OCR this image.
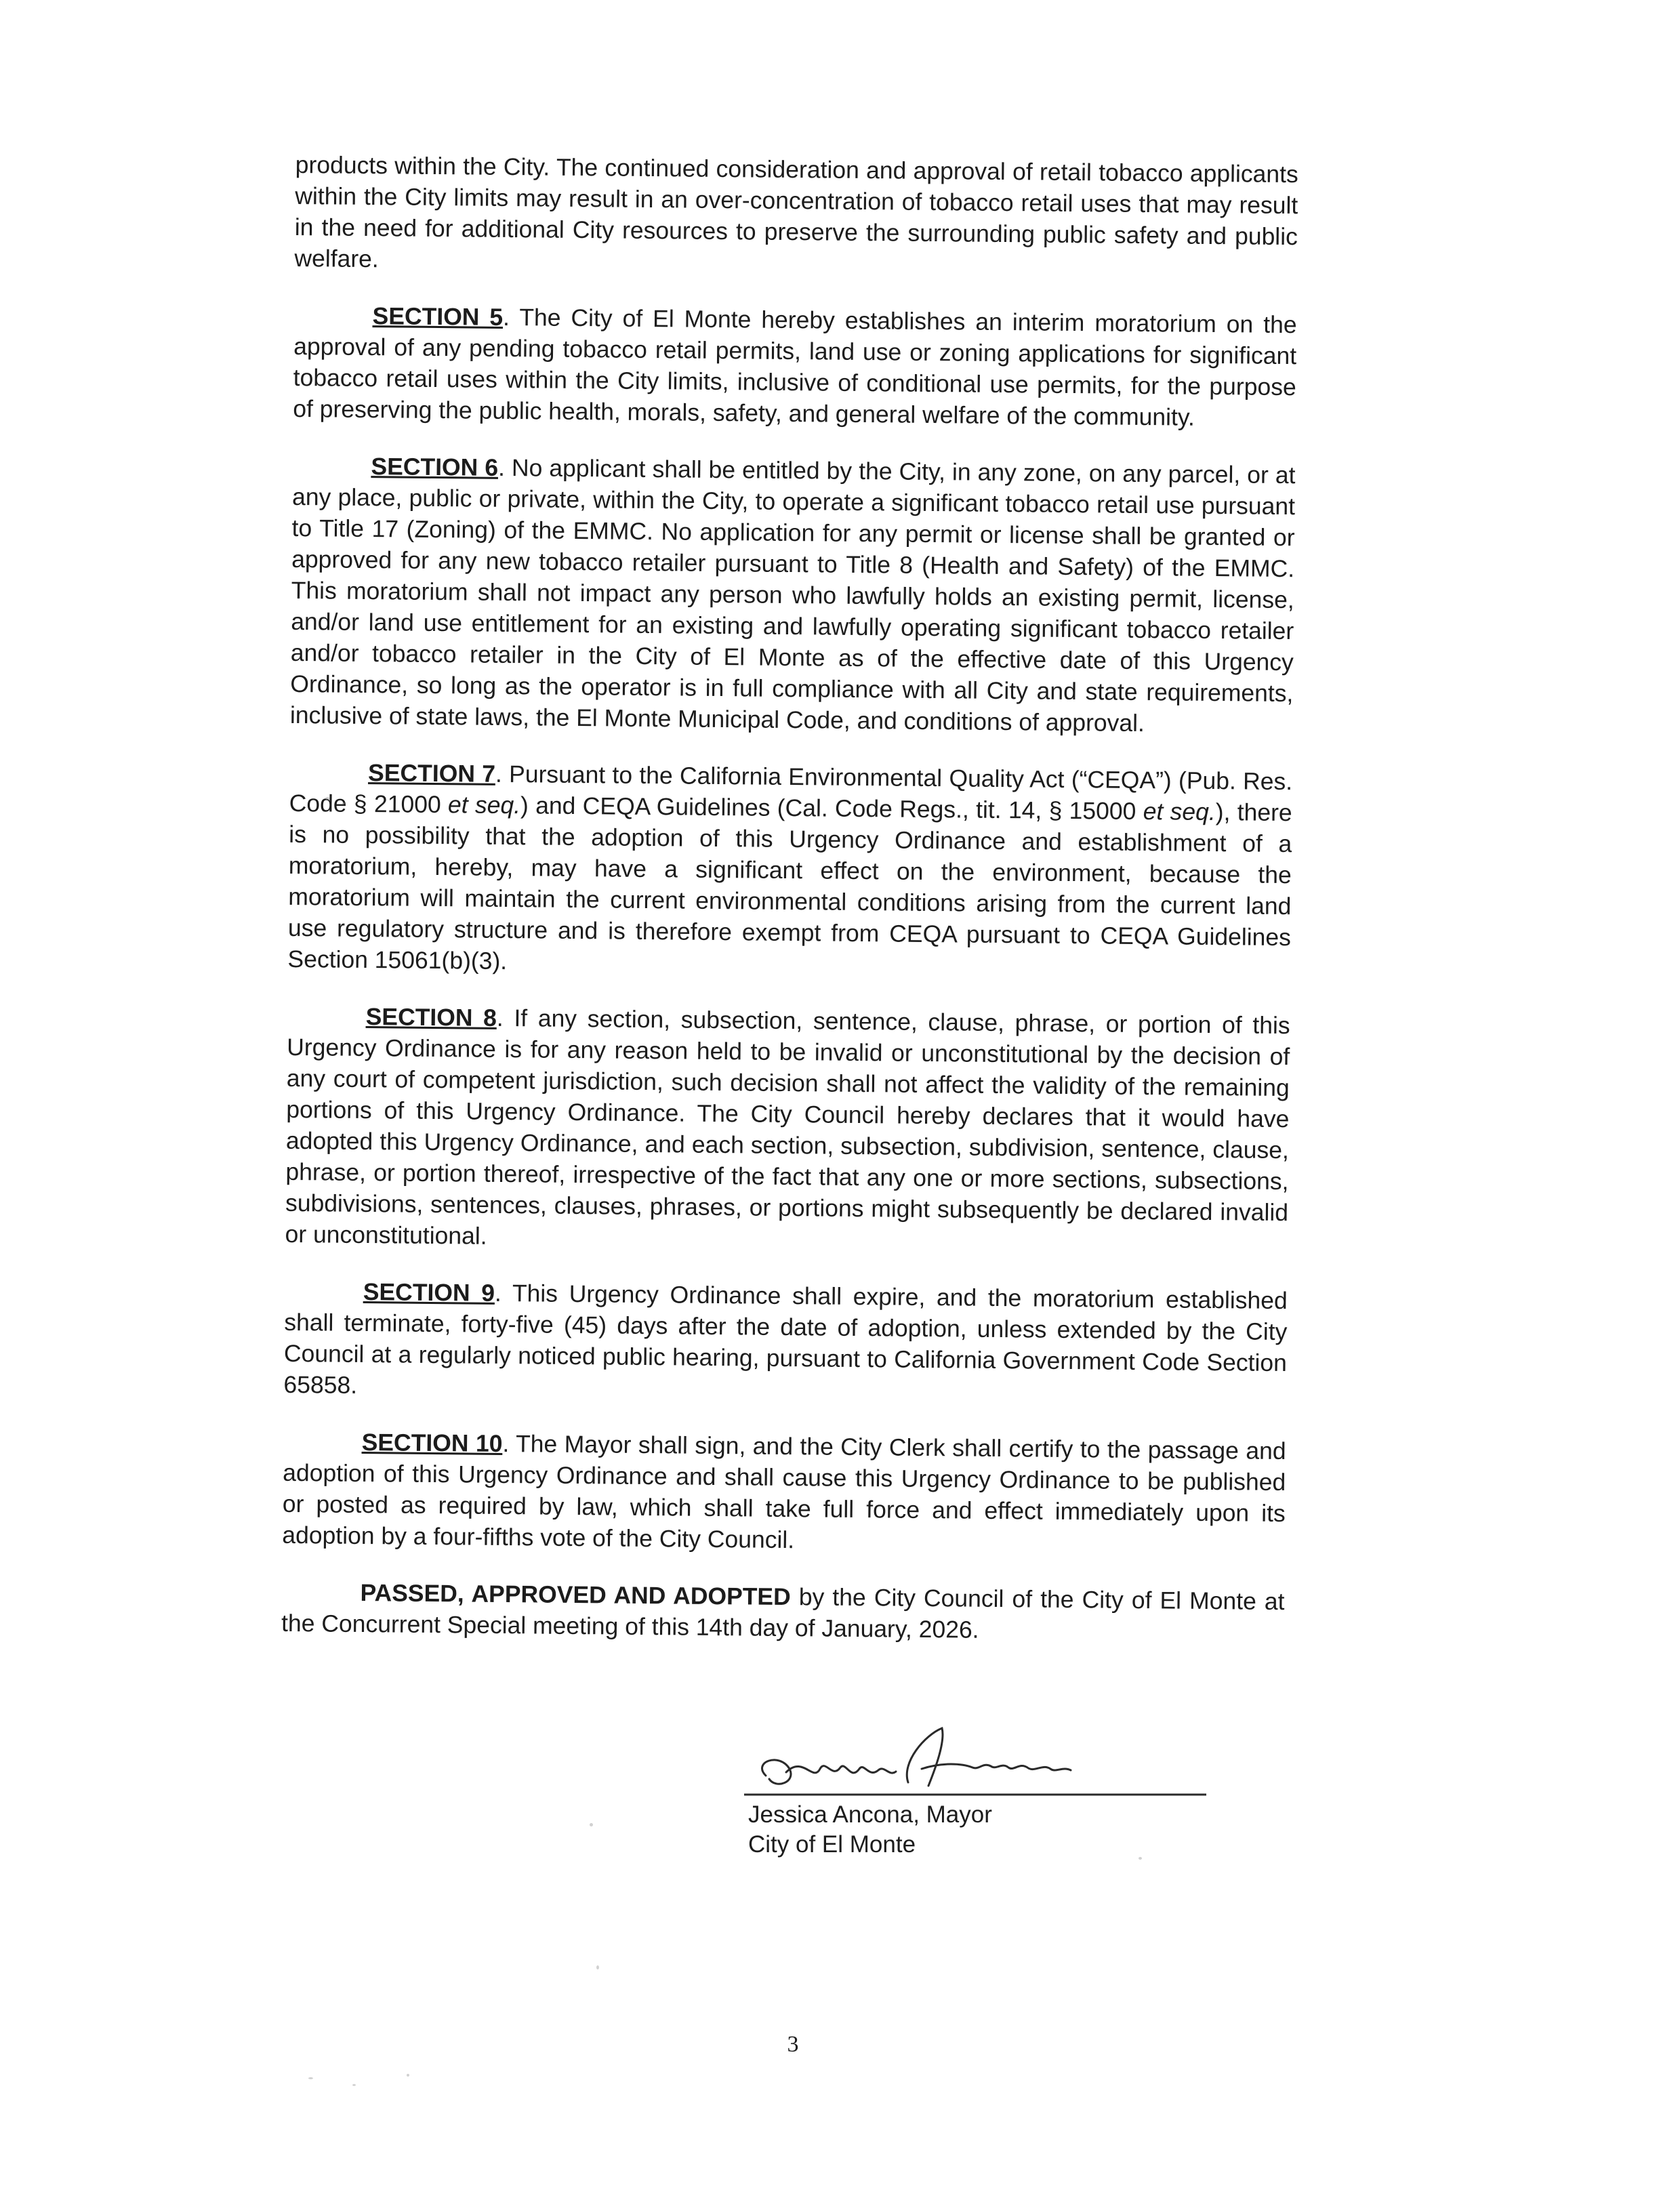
products within the City. The continued consideration and approval of retail tobacco applicants within the City limits may result in an over-concentration of tobacco retail uses that may result in the need for additional City resources to preserve the surrounding public safety and public welfare.

SECTION 5. The City of El Monte hereby establishes an interim moratorium on the approval of any pending tobacco retail permits, land use or zoning applications for significant tobacco retail uses within the City limits, inclusive of conditional use permits, for the purpose of preserving the public health, morals, safety, and general welfare of the community.

SECTION 6. No applicant shall be entitled by the City, in any zone, on any parcel, or at any place, public or private, within the City, to operate a significant tobacco retail use pursuant to Title 17 (Zoning) of the EMMC. No application for any permit or license shall be granted or approved for any new tobacco retailer pursuant to Title 8 (Health and Safety) of the EMMC. This moratorium shall not impact any person who lawfully holds an existing permit, license, and/or land use entitlement for an existing and lawfully operating significant tobacco retailer and/or tobacco retailer in the City of El Monte as of the effective date of this Urgency Ordinance, so long as the operator is in full compliance with all City and state requirements, inclusive of state laws, the El Monte Municipal Code, and conditions of approval.

SECTION 7. Pursuant to the California Environmental Quality Act (“CEQA”) (Pub. Res. Code § 21000 et seq.) and CEQA Guidelines (Cal. Code Regs., tit. 14, § 15000 et seq.), there is no possibility that the adoption of this Urgency Ordinance and establishment of a moratorium, hereby, may have a significant effect on the environment, because the moratorium will maintain the current environmental conditions arising from the current land use regulatory structure and is therefore exempt from CEQA pursuant to CEQA Guidelines Section 15061(b)(3).

SECTION 8. If any section, subsection, sentence, clause, phrase, or portion of this Urgency Ordinance is for any reason held to be invalid or unconstitutional by the decision of any court of competent jurisdiction, such decision shall not affect the validity of the remaining portions of this Urgency Ordinance. The City Council hereby declares that it would have adopted this Urgency Ordinance, and each section, subsection, subdivision, sentence, clause, phrase, or portion thereof, irrespective of the fact that any one or more sections, subsections, subdivisions, sentences, clauses, phrases, or portions might subsequently be declared invalid or unconstitutional.

SECTION 9. This Urgency Ordinance shall expire, and the moratorium established shall terminate, forty-five (45) days after the date of adoption, unless extended by the City Council at a regularly noticed public hearing, pursuant to California Government Code Section 65858.

SECTION 10. The Mayor shall sign, and the City Clerk shall certify to the passage and adoption of this Urgency Ordinance and shall cause this Urgency Ordinance to be published or posted as required by law, which shall take full force and effect immediately upon its adoption by a four-fifths vote of the City Council.

PASSED, APPROVED AND ADOPTED by the City Council of the City of El Monte at the Concurrent Special meeting of this 14th day of January, 2026.

Jessica Ancona, Mayor
City of El Monte
3
